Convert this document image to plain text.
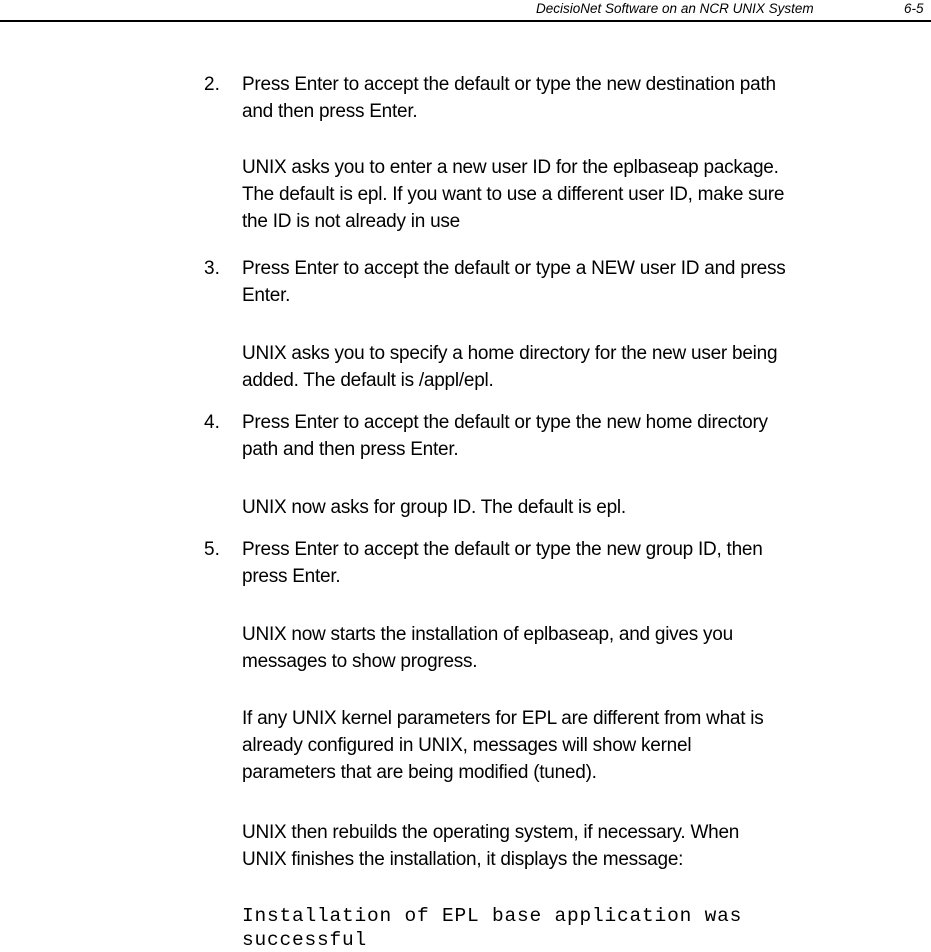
DecisioNet Software on an NCR UNIX System	6-5
2. Press Enter to accept the default or type the new destination path
and then press Enter.
UNIX asks you to enter a new user ID for the eplbaseap package.
The default is epl. If you want to use a different user ID, make sure
the ID is not already in use
3. Press Enter to accept the default or type a NEW user ID and press
Enter.
UNIX asks you to specify a home directory for the new user being
added. The default is /appl/epl.
4. Press Enter to accept the default or type the new home directory
path and then press Enter.
UNIX now asks for group ID. The default is epl.
5. Press Enter to accept the default or type the new group ID, then
press Enter.
UNIX now starts the installation of eplbaseap, and gives you
messages to show progress.
If any UNIX kernel parameters for EPL are different from what is
already configured in UNIX, messages will show kernel
parameters that are being modified (tuned).
UNIX then rebuilds the operating system, if necessary. When
UNIX finishes the installation, it displays the message:
Installation of EPL base application was
successful
